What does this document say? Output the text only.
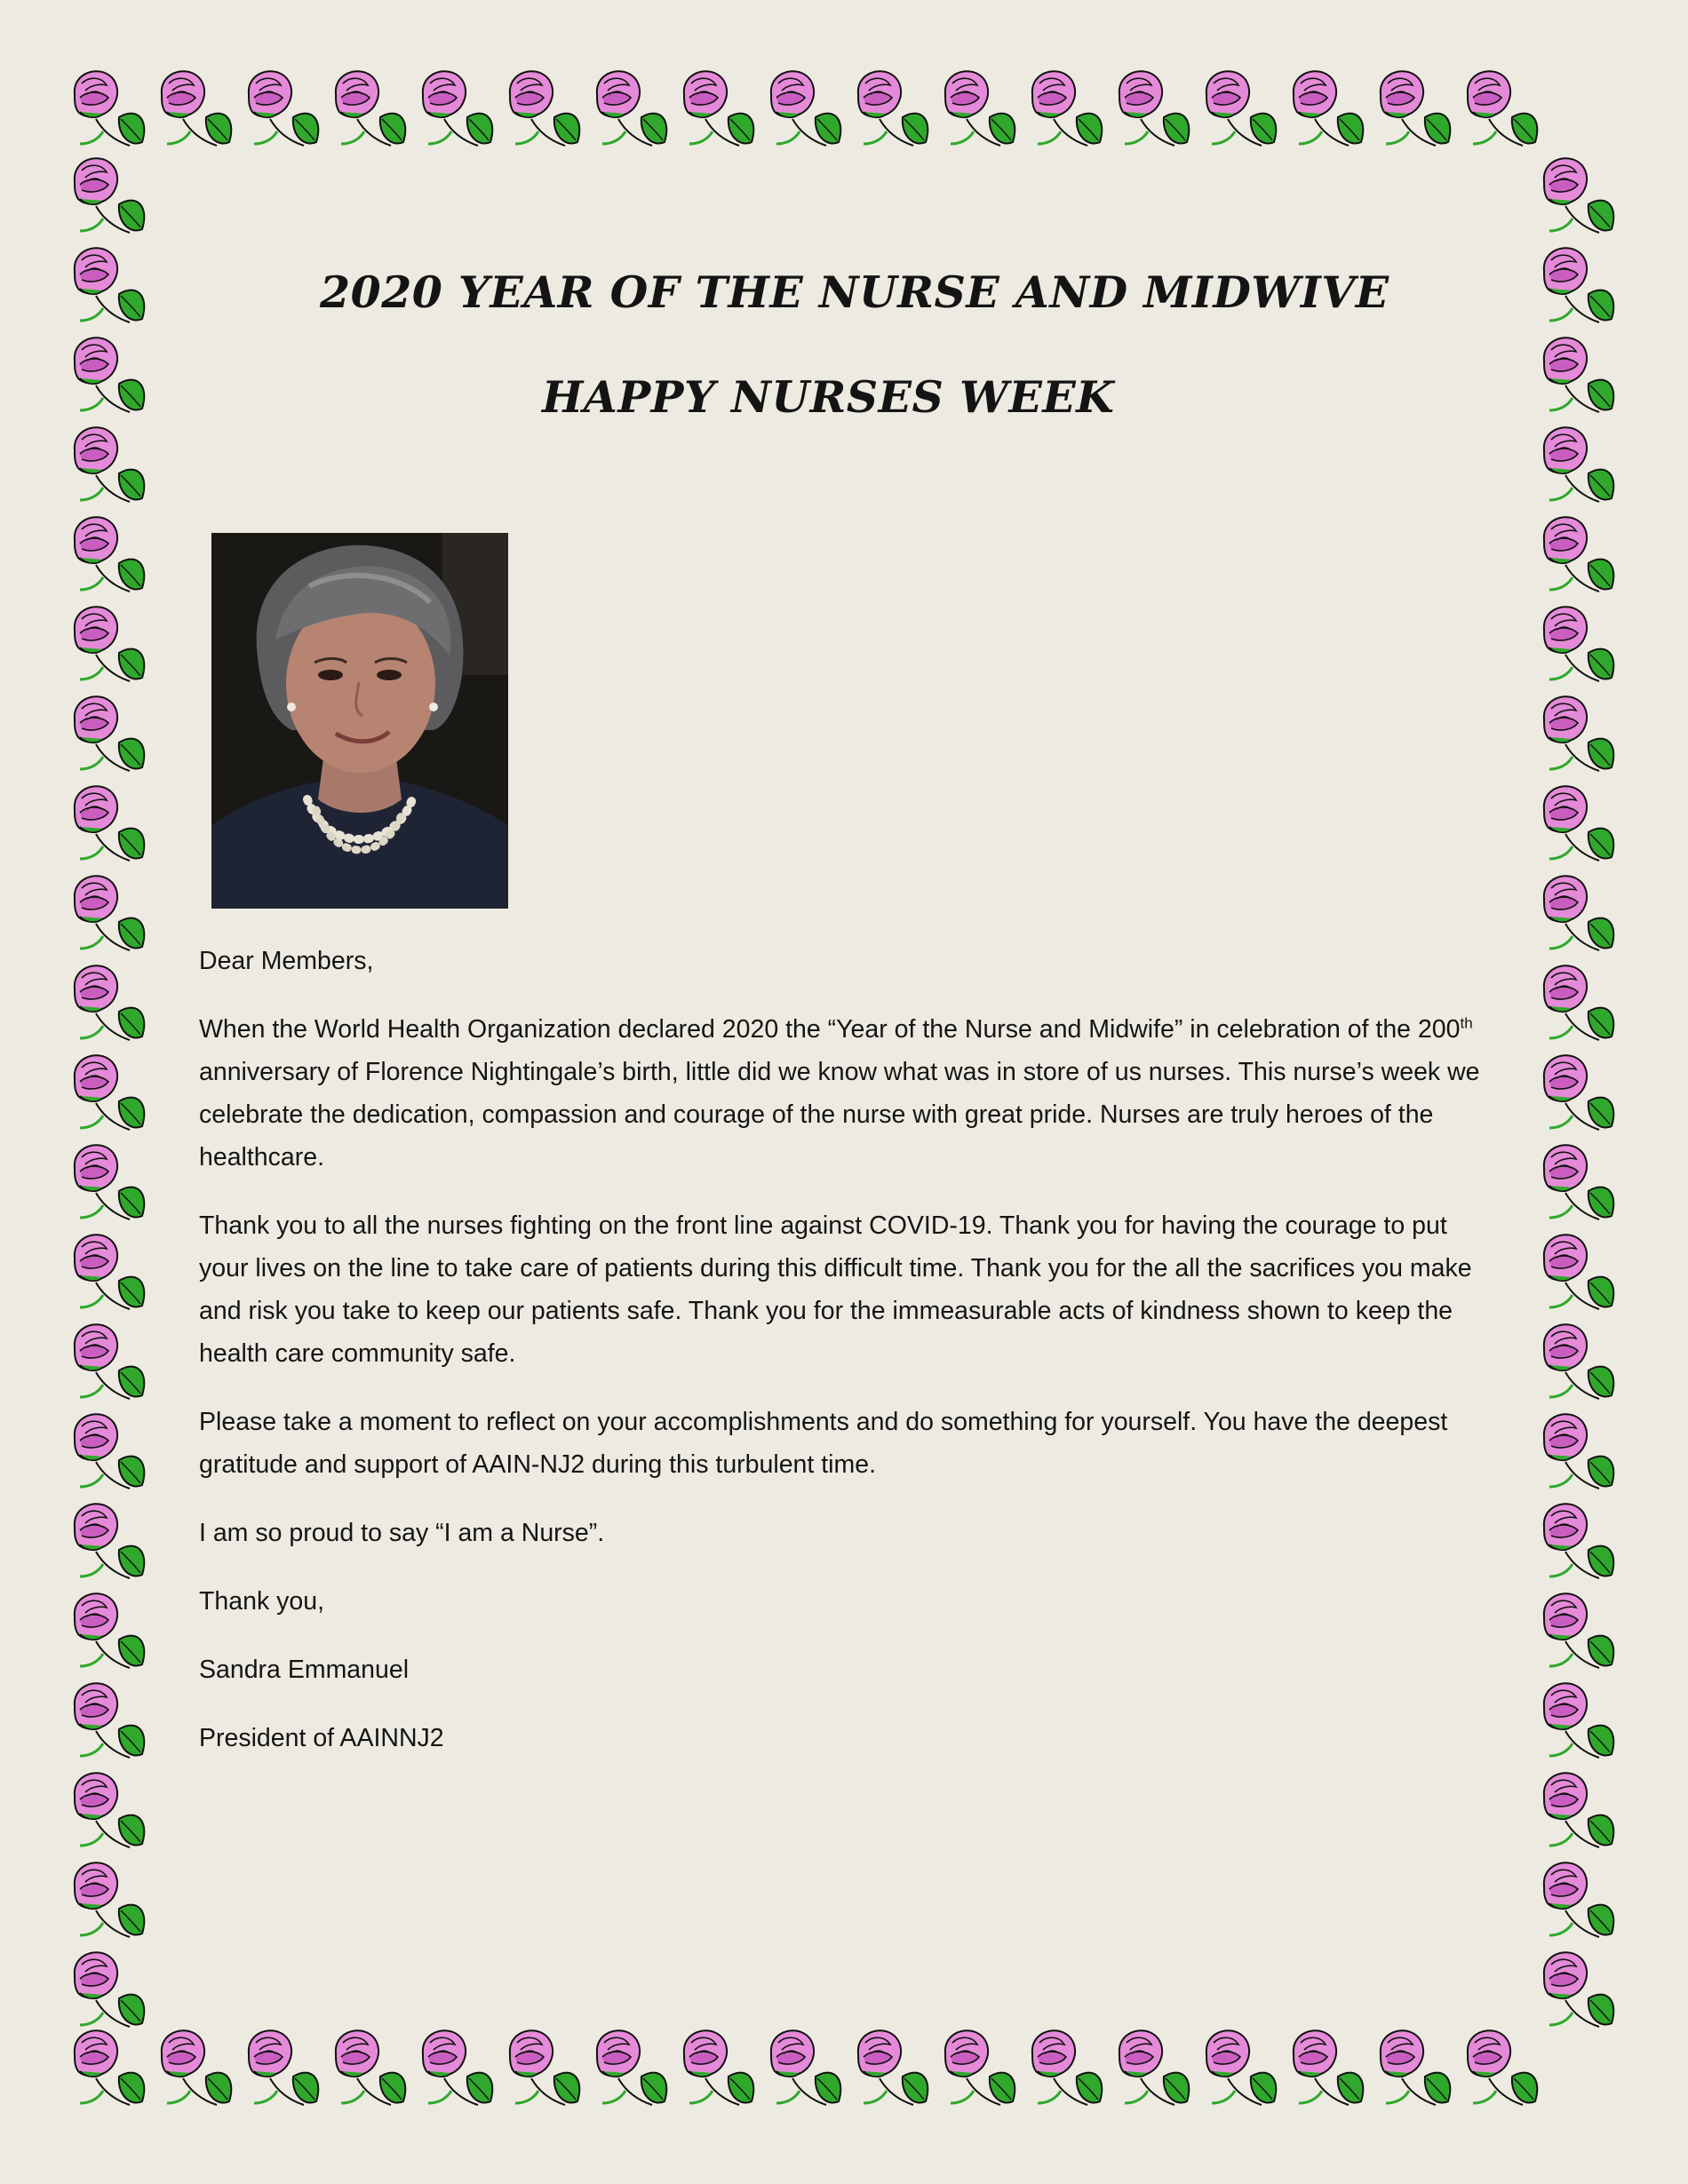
2020 YEAR OF THE NURSE AND MIDWIVE
HAPPY NURSES WEEK

Dear Members,

When the World Health Organization declared 2020 the “Year of the Nurse and Midwife” in celebration of the 200th anniversary of Florence Nightingale’s birth, little did we know what was in store of us nurses. This nurse’s week we celebrate the dedication, compassion and courage of the nurse with great pride. Nurses are truly heroes of the healthcare.

Thank you to all the nurses fighting on the front line against COVID-19. Thank you for having the courage to put your lives on the line to take care of patients during this difficult time. Thank you for the all the sacrifices you make and risk you take to keep our patients safe. Thank you for the immeasurable acts of kindness shown to keep the health care community safe.

Please take a moment to reflect on your accomplishments and do something for yourself. You have the deepest gratitude and support of AAIN-NJ2 during this turbulent time.

I am so proud to say “I am a Nurse”.

Thank you,

Sandra Emmanuel

President of AAINNJ2
